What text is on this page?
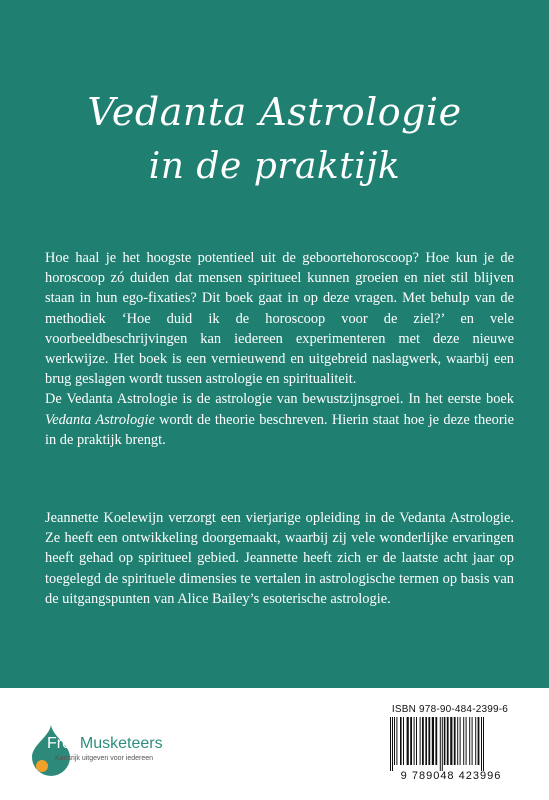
Vedanta Astrologie
in de praktijk
Hoe haal je het hoogste potentieel uit de geboortehoroscoop? Hoe kun je de horoscoop zó duiden dat mensen spiritueel kunnen groeien en niet stil blijven staan in hun ego-fixaties? Dit boek gaat in op deze vragen. Met behulp van de methodiek ‘Hoe duid ik de horoscoop voor de ziel?’ en vele voorbeeldbeschrijvingen kan iedereen experimenteren met deze nieuwe werkwijze. Het boek is een vernieuwend en uitgebreid naslagwerk, waarbij een brug geslagen wordt tussen astrologie en spiritualiteit.
De Vedanta Astrologie is de astrologie van bewustzijnsgroei. In het eerste boek Vedanta Astrologie wordt de theorie beschreven. Hierin staat hoe je deze theorie in de praktijk brengt.

Jeannette Koelewijn verzorgt een vierjarige opleiding in de Vedanta Astrologie. Ze heeft een ontwikkeling doorgemaakt, waarbij zij vele wonderlijke ervaringen heeft gehad op spiritueel gebied. Jeannette heeft zich er de laatste acht jaar op toegelegd de spirituele dimensies te vertalen in astrologische termen op basis van de uitgangspunten van Alice Bailey’s esoterische astrologie.

FreeMusketeers
Kansrijk uitgeven voor iedereen
ISBN 978-90-484-2399-6
9 789048 423996
